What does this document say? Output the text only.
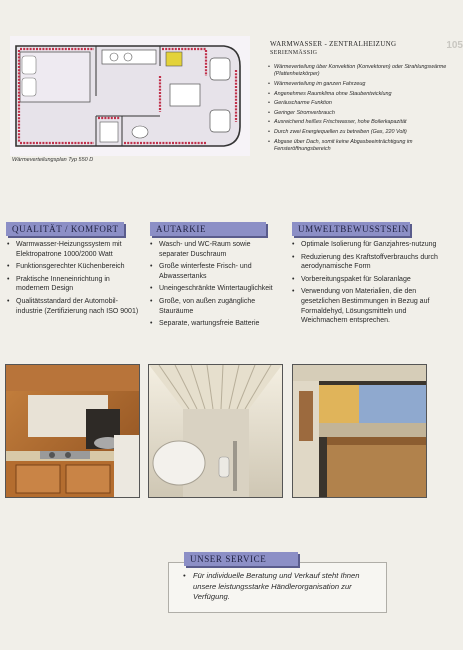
105
Wärmeverteilungsplan Typ 550 D
WARMWASSER - ZENTRALHEIZUNG
SERIENMÄSSIG
• Wärmeverteilung über Konvektion (Konvektoren) oder Strahlungswärme (Plattenheizkörper)
• Wärmeverteilung im ganzen Fahrzeug
• Angenehmes Raumklima ohne Staubentwicklung
• Geräuscharme Funktion
• Geringer Stromverbrauch
• Ausreichend heißes Frischwasser, hohe Boilerkapazität
• Durch zwei Energiequellen zu betreiben (Gas, 220 Volt)
• Abgase über Dach, somit keine Abgasbeeinträchtigung im Fensteröffnungsbereich
QUALITÄT / KOMFORT
• Warmwasser-Heizungssystem mit Elektropatrone 1000/2000 Watt
• Funktionsgerechter Küchenbereich
• Praktische Inneneinrichtung in modernem Design
• Qualitätsstandard der Automobil-industrie (Zertifizierung nach ISO 9001)
AUTARKIE
• Wasch- und WC-Raum sowie separater Duschraum
• Große winterfeste Frisch- und Abwassertanks
• Uneingeschränkte Wintertauglichkeit
• Große, von außen zugängliche Stauräume
• Separate, wartungsfreie Batterie
UMWELTBEWUSSTSEIN
• Optimale Isolierung für Ganzjahres-nutzung
• Reduzierung des Kraftstoffverbrauchs durch aerodynamische Form
• Vorbereitungspaket für Solaranlage
• Verwendung von Materialien, die den gesetzlichen Bestimmungen in Bezug auf Formaldehyd, Lösungsmitteln und Weichmachern entsprechen.
• Für individuelle Beratung und Verkauf steht Ihnen unsere leistungsstarke Händlerorganisation zur Verfügung.
UNSER SERVICE
